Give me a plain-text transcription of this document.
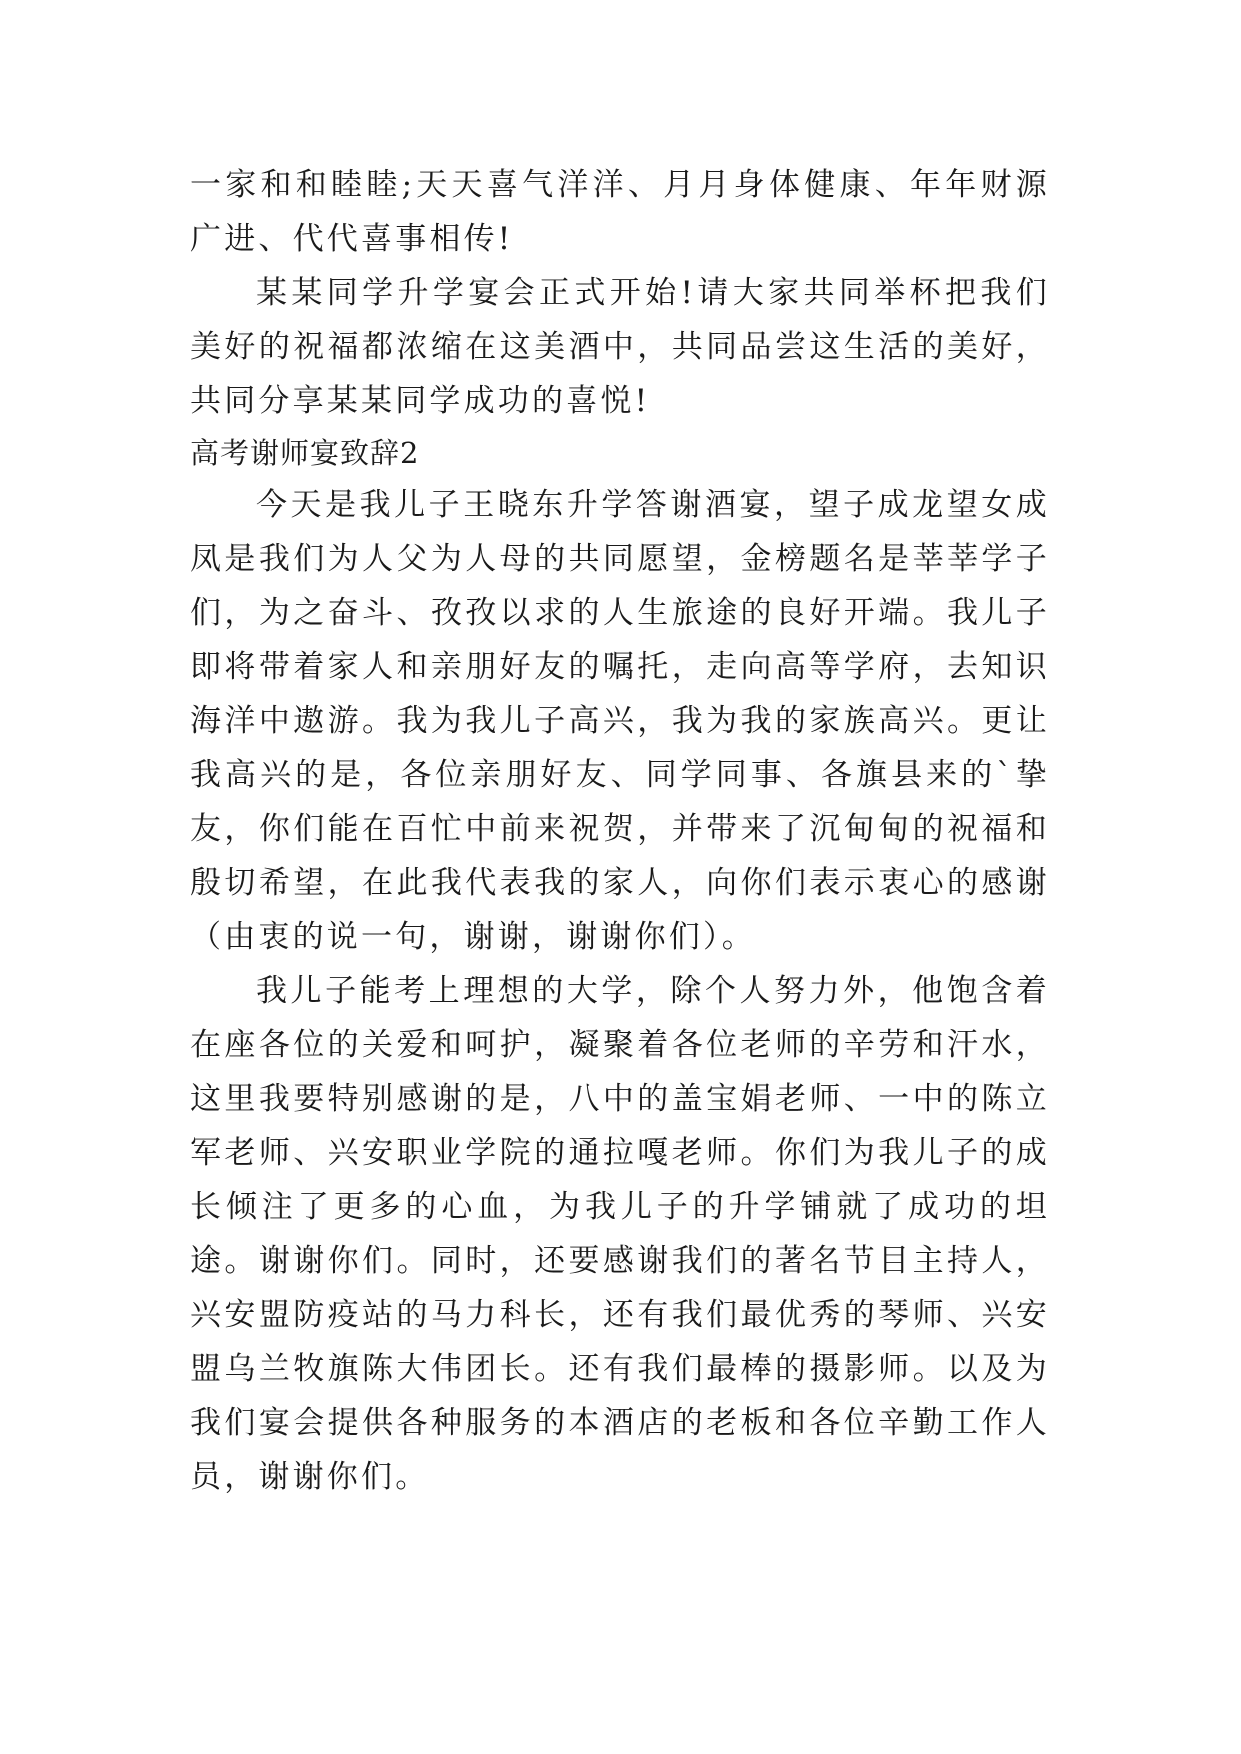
一家和和睦睦;天天喜气洋洋、月月身体健康、年年财源广进、代代喜事相传!

某某同学升学宴会正式开始!请大家共同举杯把我们美好的祝福都浓缩在这美酒中，共同品尝这生活的美好，共同分享某某同学成功的喜悦!

高考谢师宴致辞2

今天是我儿子王晓东升学答谢酒宴，望子成龙望女成凤是我们为人父为人母的共同愿望，金榜题名是莘莘学子们，为之奋斗、孜孜以求的人生旅途的良好开端。我儿子即将带着家人和亲朋好友的嘱托，走向高等学府，去知识海洋中遨游。我为我儿子高兴，我为我的家族高兴。更让我高兴的是，各位亲朋好友、同学同事、各旗县来的`挚友，你们能在百忙中前来祝贺，并带来了沉甸甸的祝福和殷切希望，在此我代表我的家人，向你们表示衷心的感谢（由衷的说一句，谢谢，谢谢你们）。

我儿子能考上理想的大学，除个人努力外，他饱含着在座各位的关爱和呵护，凝聚着各位老师的辛劳和汗水，这里我要特别感谢的是，八中的盖宝娟老师、一中的陈立军老师、兴安职业学院的通拉嘎老师。你们为我儿子的成长倾注了更多的心血，为我儿子的升学铺就了成功的坦途。谢谢你们。同时，还要感谢我们的著名节目主持人，兴安盟防疫站的马力科长，还有我们最优秀的琴师、兴安盟乌兰牧旗陈大伟团长。还有我们最棒的摄影师。以及为我们宴会提供各种服务的本酒店的老板和各位辛勤工作人员，谢谢你们。
